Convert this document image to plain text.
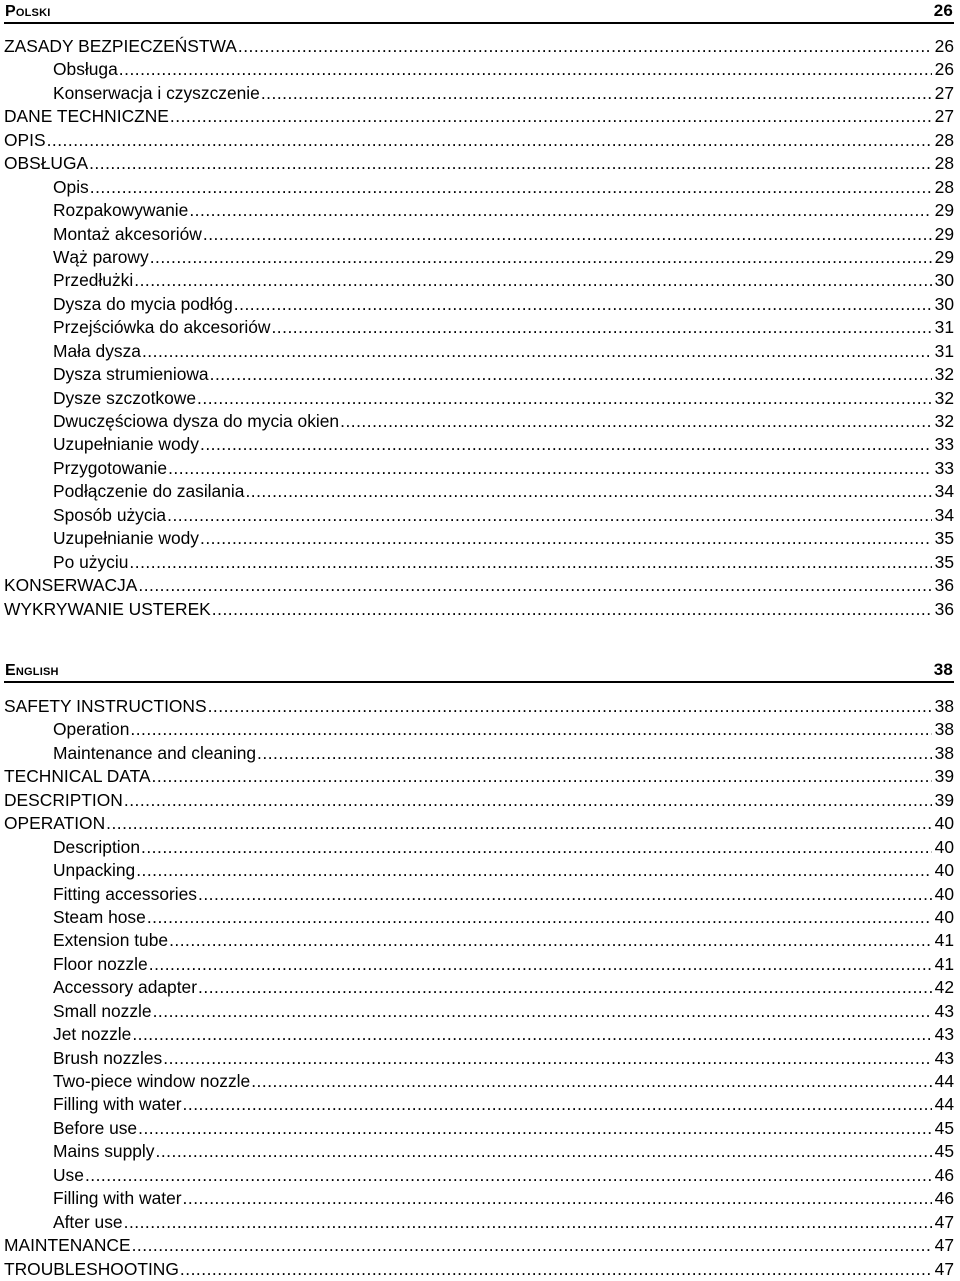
Polski	26
ZASADY BEZPIECZEŃSTWA .....	26
Obsługa .....	26
Konserwacja i czyszczenie .....	27
DANE TECHNICZNE .....	27
OPIS .....	28
OBSŁUGA .....	28
Opis .....	28
Rozpakowywanie .....	29
Montaż akcesoriów .....	29
Wąż parowy .....	29
Przedłużki .....	30
Dysza do mycia podłóg .....	30
Przejściówka do akcesoriów .....	31
Mała dysza .....	31
Dysza strumieniowa .....	32
Dysze szczotkowe .....	32
Dwuczęściowa dysza do mycia okien .....	32
Uzupełnianie wody .....	33
Przygotowanie .....	33
Podłączenie do zasilania .....	34
Sposób użycia .....	34
Uzupełnianie wody .....	35
Po użyciu .....	35
KONSERWACJA .....	36
WYKRYWANIE USTEREK .....	36
English	38
SAFETY INSTRUCTIONS .....	38
Operation .....	38
Maintenance and cleaning .....	38
TECHNICAL DATA .....	39
DESCRIPTION .....	39
OPERATION .....	40
Description .....	40
Unpacking .....	40
Fitting accessories .....	40
Steam hose .....	40
Extension tube .....	41
Floor nozzle .....	41
Accessory adapter .....	42
Small nozzle .....	43
Jet nozzle .....	43
Brush nozzles .....	43
Two-piece window nozzle .....	44
Filling with water .....	44
Before use .....	45
Mains supply .....	45
Use .....	46
Filling with water .....	46
After use .....	47
MAINTENANCE .....	47
TROUBLESHOOTING .....	47
